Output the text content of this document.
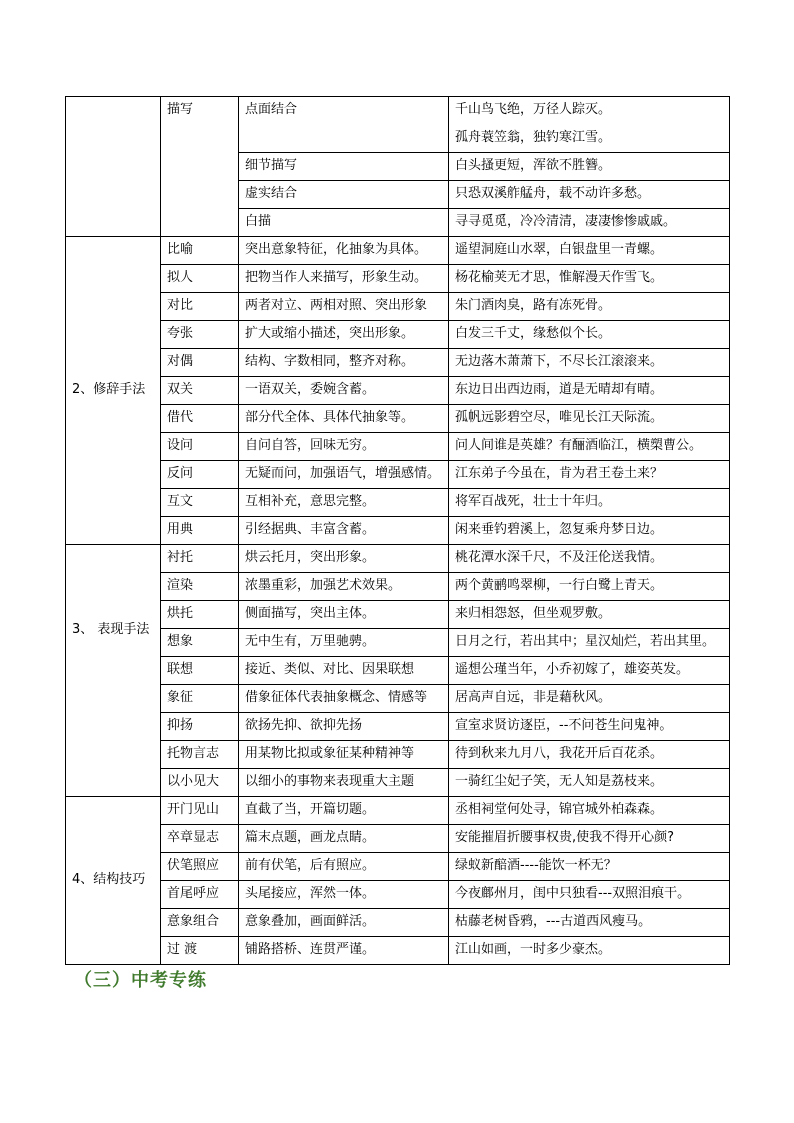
	描写	点面结合	千山鸟飞绝，万径人踪灭。
孤舟蓑笠翁，独钓寒江雪。

		细节描写	白头搔更短，浑欲不胜簪。

		虚实结合	只恐双溪舴艋舟，载不动许多愁。

		白描	寻寻觅觅，冷冷清清，凄凄惨惨戚戚。

2、修辞手法	比喻	突出意象特征，化抽象为具体。	遥望洞庭山水翠，白银盘里一青螺。
	拟人	把物当作人来描写，形象生动。	杨花榆荚无才思，惟解漫天作雪飞。
	对比	两者对立、两相对照、突出形象	朱门酒肉臭，路有冻死骨。
	夸张	扩大或缩小描述，突出形象。	白发三千丈，缘愁似个长。
	对偶	结构、字数相同，整齐对称。	无边落木萧萧下，不尽长江滚滚来。
	双关	一语双关，委婉含蓄。	东边日出西边雨，道是无晴却有晴。
	借代	部分代全体、具体代抽象等。	孤帆远影碧空尽，唯见长江天际流。
	设问	自问自答，回味无穷。	问人间谁是英雄？有酾酒临江，横槊曹公。
	反问	无疑而问，加强语气，增强感情。	江东弟子今虽在，肯为君王卷土来？
	互文	互相补充，意思完整。	将军百战死，壮士十年归。
	用典	引经据典、丰富含蓄。	闲来垂钓碧溪上，忽复乘舟梦日边。
3、 表现手法	衬托	烘云托月，突出形象。	桃花潭水深千尺，不及汪伦送我情。
	渲染	浓墨重彩，加强艺术效果。	两个黄鹂鸣翠柳，一行白鹭上青天。
	烘托	侧面描写，突出主体。	来归相怨怒，但坐观罗敷。
	想象	无中生有，万里驰骋。	日月之行，若出其中；星汉灿烂，若出其里。
	联想	接近、类似、对比、因果联想	遥想公瑾当年，小乔初嫁了，雄姿英发。
	象征	借象征体代表抽象概念、情感等	居高声自远，非是藉秋风。
	抑扬	欲扬先抑、欲抑先扬	宣室求贤访逐臣，--不问苍生问鬼神。
	托物言志	用某物比拟或象征某种精神等	待到秋来九月八，我花开后百花杀。
	以小见大	以细小的事物来表现重大主题	一骑红尘妃子笑，无人知是荔枝来。
4、结构技巧	开门见山	直截了当，开篇切题。	丞相祠堂何处寻，锦官城外柏森森。
	卒章显志	篇末点题，画龙点睛。	安能摧眉折腰事权贵,使我不得开心颜?
	伏笔照应	前有伏笔，后有照应。	绿蚁新醅酒----能饮一杯无？
	首尾呼应	头尾接应，浑然一体。	今夜鄜州月，闺中只独看---双照泪痕干。
	意象组合	意象叠加，画面鲜活。	枯藤老树昏鸦，---古道西风瘦马。
	过 渡	铺路搭桥、连贯严谨。	江山如画，一时多少豪杰。
（三）中考专练
